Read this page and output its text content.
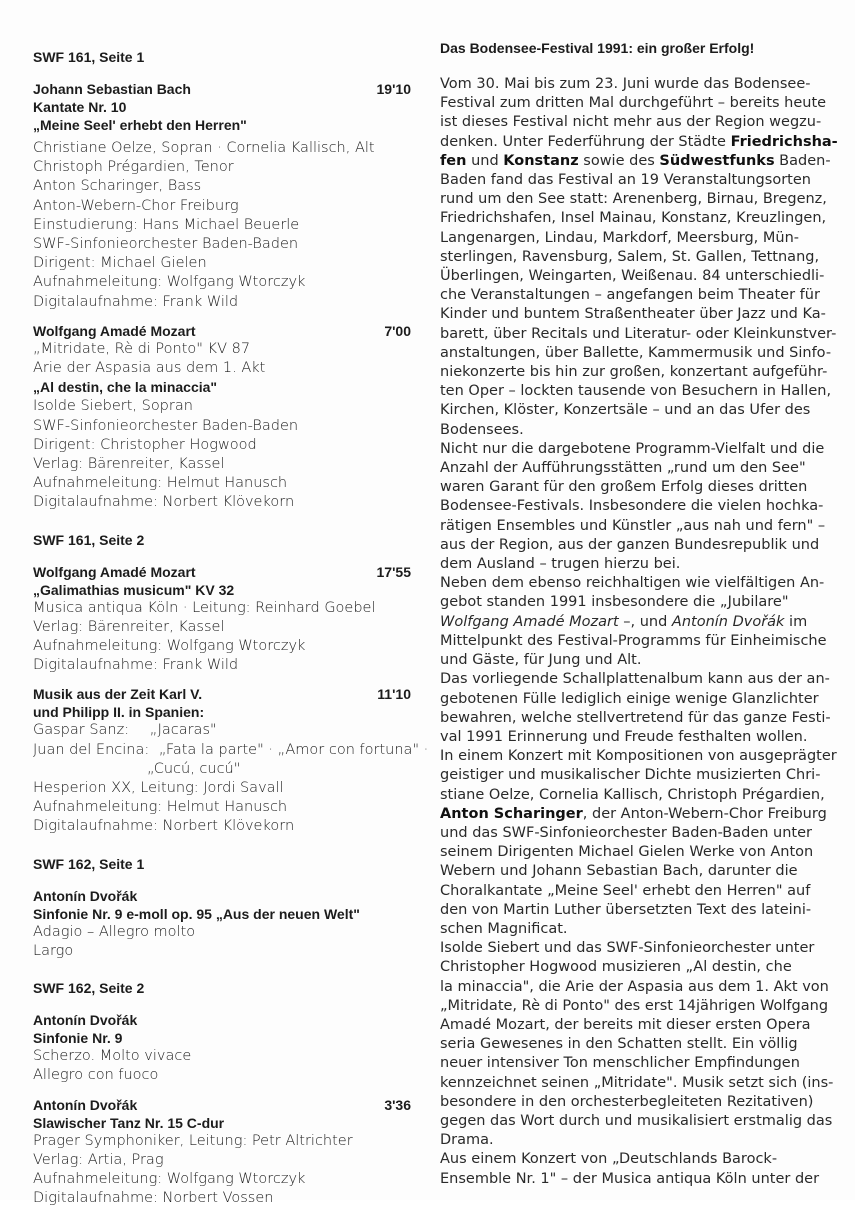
SWF 161, Seite 1
Johann Sebastian Bach	19'10
Kantate Nr. 10
„Meine Seel' erhebt den Herren"
Christiane Oelze, Sopran · Cornelia Kallisch, Alt
Christoph Prégardien, Tenor
Anton Scharinger, Bass
Anton-Webern-Chor Freiburg
Einstudierung: Hans Michael Beuerle
SWF-Sinfonieorchester Baden-Baden
Dirigent: Michael Gielen
Aufnahmeleitung: Wolfgang Wtorczyk
Digitalaufnahme: Frank Wild
Wolfgang Amadé Mozart	7'00
„Mitridate, Rè di Ponto" KV 87
Arie der Aspasia aus dem 1. Akt
„Al destin, che la minaccia"
Isolde Siebert, Sopran
SWF-Sinfonieorchester Baden-Baden
Dirigent: Christopher Hogwood
Verlag: Bärenreiter, Kassel
Aufnahmeleitung: Helmut Hanusch
Digitalaufnahme: Norbert Klövekorn
SWF 161, Seite 2
Wolfgang Amadé Mozart	17'55
„Galimathias musicum" KV 32
Musica antiqua Köln · Leitung: Reinhard Goebel
Verlag: Bärenreiter, Kassel
Aufnahmeleitung: Wolfgang Wtorczyk
Digitalaufnahme: Frank Wild
Musik aus der Zeit Karl V.	11'10
und Philipp II. in Spanien:
Gaspar Sanz: „Jacaras"
Juan del Encina: „Fata la parte" · „Amor con fortuna" ·
„Cucú, cucú"
Hesperion XX, Leitung: Jordi Savall
Aufnahmeleitung: Helmut Hanusch
Digitalaufnahme: Norbert Klövekorn
SWF 162, Seite 1
Antonín Dvořák
Sinfonie Nr. 9 e-moll op. 95 „Aus der neuen Welt"
Adagio – Allegro molto
Largo
SWF 162, Seite 2
Antonín Dvořák
Sinfonie Nr. 9
Scherzo. Molto vivace
Allegro con fuoco
Antonín Dvořák	3'36
Slawischer Tanz Nr. 15 C-dur
Prager Symphoniker, Leitung: Petr Altrichter
Verlag: Artia, Prag
Aufnahmeleitung: Wolfgang Wtorczyk
Digitalaufnahme: Norbert Vossen
Das Bodensee-Festival 1991: ein großer Erfolg!
Vom 30. Mai bis zum 23. Juni wurde das Bodensee-
Festival zum dritten Mal durchgeführt – bereits heute
ist dieses Festival nicht mehr aus der Region wegzu-
denken. Unter Federführung der Städte Friedrichsha-
fen und Konstanz sowie des Südwestfunks Baden-
Baden fand das Festival an 19 Veranstaltungsorten
rund um den See statt: Arenenberg, Birnau, Bregenz,
Friedrichshafen, Insel Mainau, Konstanz, Kreuzlingen,
Langenargen, Lindau, Markdorf, Meersburg, Mün-
sterlingen, Ravensburg, Salem, St. Gallen, Tettnang,
Überlingen, Weingarten, Weißenau. 84 unterschiedli-
che Veranstaltungen – angefangen beim Theater für
Kinder und buntem Straßentheater über Jazz und Ka-
barett, über Recitals und Literatur- oder Kleinkunstver-
anstaltungen, über Ballette, Kammermusik und Sinfo-
niekonzerte bis hin zur großen, konzertant aufgeführ-
ten Oper – lockten tausende von Besuchern in Hallen,
Kirchen, Klöster, Konzertsäle – und an das Ufer des
Bodensees.
Nicht nur die dargebotene Programm-Vielfalt und die
Anzahl der Aufführungsstätten „rund um den See"
waren Garant für den großem Erfolg dieses dritten
Bodensee-Festivals. Insbesondere die vielen hochka-
rätigen Ensembles und Künstler „aus nah und fern" –
aus der Region, aus der ganzen Bundesrepublik und
dem Ausland – trugen hierzu bei.
Neben dem ebenso reichhaltigen wie vielfältigen An-
gebot standen 1991 insbesondere die „Jubilare"
Wolfgang Amadé Mozart –, und Antonín Dvořák im
Mittelpunkt des Festival-Programms für Einheimische
und Gäste, für Jung und Alt.
Das vorliegende Schallplattenalbum kann aus der an-
gebotenen Fülle lediglich einige wenige Glanzlichter
bewahren, welche stellvertretend für das ganze Festi-
val 1991 Erinnerung und Freude festhalten wollen.
In einem Konzert mit Kompositionen von ausgeprägter
geistiger und musikalischer Dichte musizierten Chri-
stiane Oelze, Cornelia Kallisch, Christoph Prégardien,
Anton Scharinger, der Anton-Webern-Chor Freiburg
und das SWF-Sinfonieorchester Baden-Baden unter
seinem Dirigenten Michael Gielen Werke von Anton
Webern und Johann Sebastian Bach, darunter die
Choralkantate „Meine Seel' erhebt den Herren" auf
den von Martin Luther übersetzten Text des lateini-
schen Magnificat.
Isolde Siebert und das SWF-Sinfonieorchester unter
Christopher Hogwood musizieren „Al destin, che
la minaccia", die Arie der Aspasia aus dem 1. Akt von
„Mitridate, Rè di Ponto" des erst 14jährigen Wolfgang
Amadé Mozart, der bereits mit dieser ersten Opera
seria Gewesenes in den Schatten stellt. Ein völlig
neuer intensiver Ton menschlicher Empfindungen
kennzeichnet seinen „Mitridate". Musik setzt sich (ins-
besondere in den orchesterbegleiteten Rezitativen)
gegen das Wort durch und musikalisiert erstmalig das
Drama.
Aus einem Konzert von „Deutschlands Barock-
Ensemble Nr. 1" – der Musica antiqua Köln unter der
